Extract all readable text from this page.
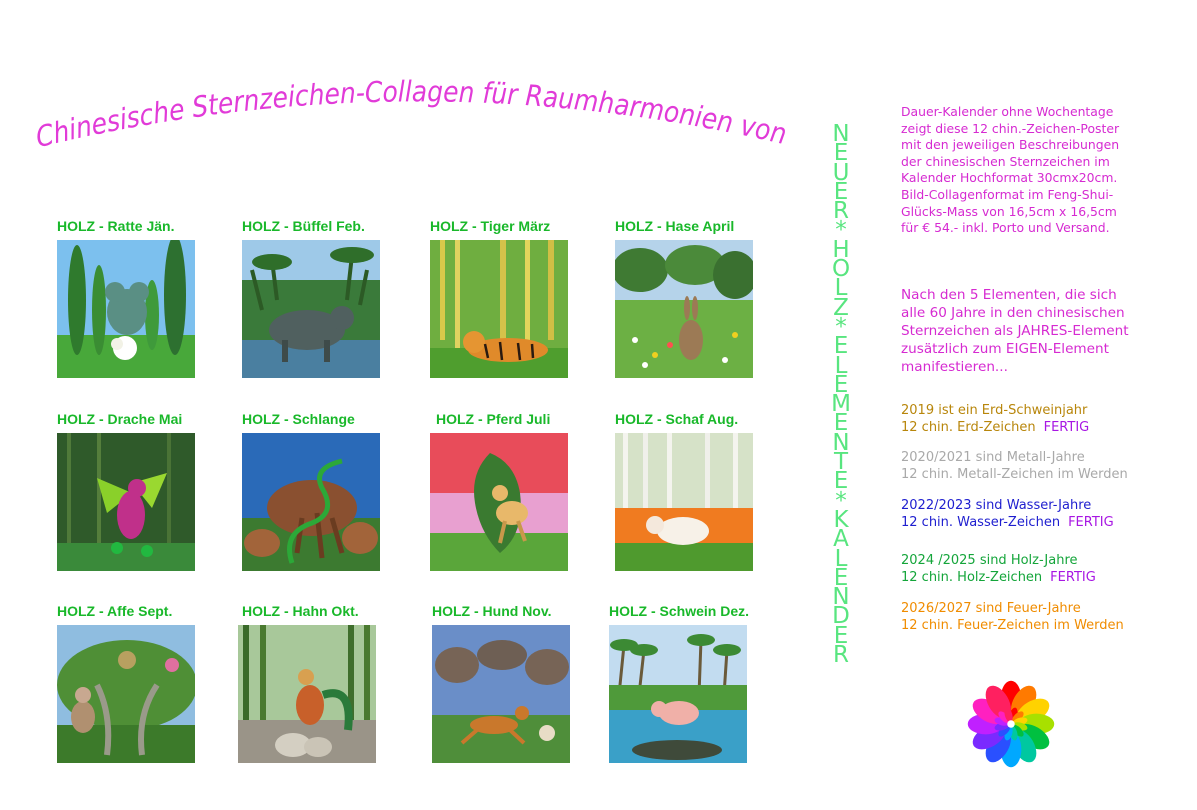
Chinesische Sternzeichen-Collagen für Raumharmonien von eveline@lucia.at
HOLZ - Ratte Jän.	HOLZ - Büffel Feb.	HOLZ - Tiger März	HOLZ - Hase April
HOLZ - Drache Mai	HOLZ - Schlange	HOLZ - Pferd Juli	HOLZ - Schaf Aug.
HOLZ - Affe Sept.	HOLZ - Hahn Okt.	HOLZ - Hund Nov.	HOLZ - Schwein Dez.
N
E
U
E
R
*
H
O
L
Z
*
E
L
E
M
E
N
T
E
*
K
A
L
E
N
D
E
R
Dauer-Kalender ohne Wochentage
zeigt diese 12 chin.-Zeichen-Poster
mit den jeweiligen Beschreibungen
der chinesischen Sternzeichen im
Kalender Hochformat 30cmx20cm.
Bild-Collagenformat im Feng-Shui-
Glücks-Mass von 16,5cm x 16,5cm
für € 54.- inkl. Porto und Versand.
Nach den 5 Elementen, die sich
alle 60 Jahre in den chinesischen
Sternzeichen als JAHRES-Element
zusätzlich zum EIGEN-Element
manifestieren...
2019 ist ein Erd-Schweinjahr
12 chin. Erd-Zeichen FERTIG
2020/2021 sind Metall-Jahre
12 chin. Metall-Zeichen im Werden
2022/2023 sind Wasser-Jahre
12 chin. Wasser-Zeichen FERTIG
2024 /2025 sind Holz-Jahre
12 chin. Holz-Zeichen FERTIG
2026/2027 sind Feuer-Jahre
12 chin. Feuer-Zeichen im Werden
